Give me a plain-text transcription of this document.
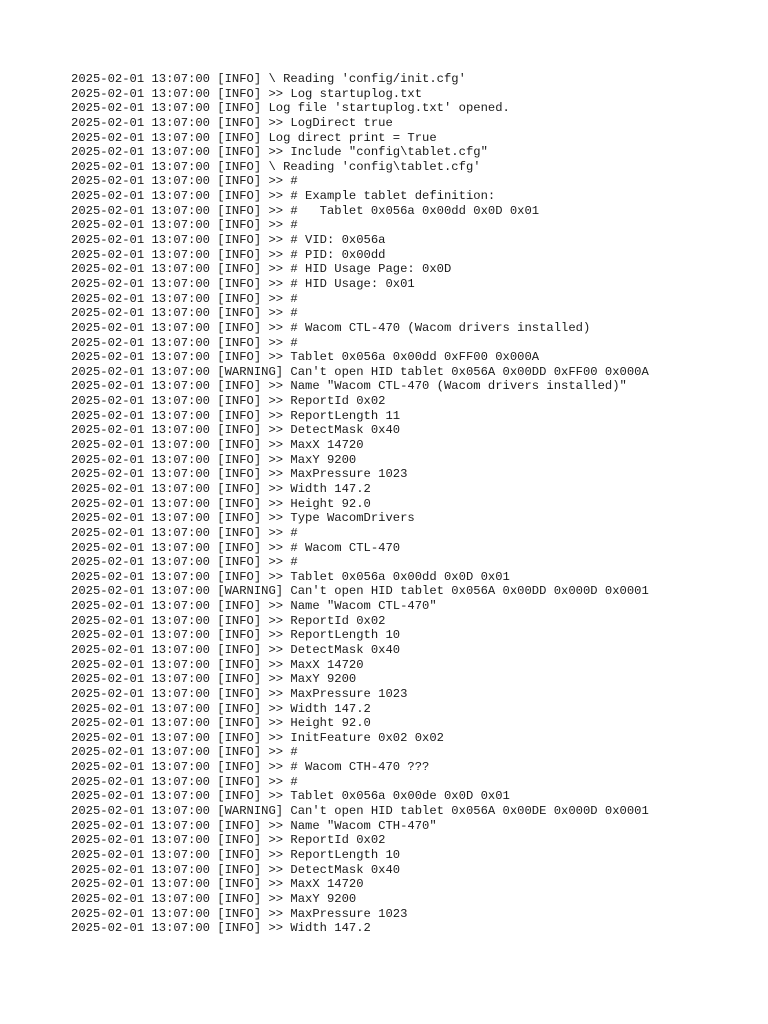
2025-02-01 13:07:00 [INFO] \ Reading 'config/init.cfg'
2025-02-01 13:07:00 [INFO] >> Log startuplog.txt
2025-02-01 13:07:00 [INFO] Log file 'startuplog.txt' opened.
2025-02-01 13:07:00 [INFO] >> LogDirect true
2025-02-01 13:07:00 [INFO] Log direct print = True
2025-02-01 13:07:00 [INFO] >> Include "config\tablet.cfg"
2025-02-01 13:07:00 [INFO] \ Reading 'config\tablet.cfg'
2025-02-01 13:07:00 [INFO] >> #
2025-02-01 13:07:00 [INFO] >> # Example tablet definition:
2025-02-01 13:07:00 [INFO] >> #   Tablet 0x056a 0x00dd 0x0D 0x01
2025-02-01 13:07:00 [INFO] >> #
2025-02-01 13:07:00 [INFO] >> # VID: 0x056a
2025-02-01 13:07:00 [INFO] >> # PID: 0x00dd
2025-02-01 13:07:00 [INFO] >> # HID Usage Page: 0x0D
2025-02-01 13:07:00 [INFO] >> # HID Usage: 0x01
2025-02-01 13:07:00 [INFO] >> #
2025-02-01 13:07:00 [INFO] >> #
2025-02-01 13:07:00 [INFO] >> # Wacom CTL-470 (Wacom drivers installed)
2025-02-01 13:07:00 [INFO] >> #
2025-02-01 13:07:00 [INFO] >> Tablet 0x056a 0x00dd 0xFF00 0x000A
2025-02-01 13:07:00 [WARNING] Can't open HID tablet 0x056A 0x00DD 0xFF00 0x000A
2025-02-01 13:07:00 [INFO] >> Name "Wacom CTL-470 (Wacom drivers installed)"
2025-02-01 13:07:00 [INFO] >> ReportId 0x02
2025-02-01 13:07:00 [INFO] >> ReportLength 11
2025-02-01 13:07:00 [INFO] >> DetectMask 0x40
2025-02-01 13:07:00 [INFO] >> MaxX 14720
2025-02-01 13:07:00 [INFO] >> MaxY 9200
2025-02-01 13:07:00 [INFO] >> MaxPressure 1023
2025-02-01 13:07:00 [INFO] >> Width 147.2
2025-02-01 13:07:00 [INFO] >> Height 92.0
2025-02-01 13:07:00 [INFO] >> Type WacomDrivers
2025-02-01 13:07:00 [INFO] >> #
2025-02-01 13:07:00 [INFO] >> # Wacom CTL-470
2025-02-01 13:07:00 [INFO] >> #
2025-02-01 13:07:00 [INFO] >> Tablet 0x056a 0x00dd 0x0D 0x01
2025-02-01 13:07:00 [WARNING] Can't open HID tablet 0x056A 0x00DD 0x000D 0x0001
2025-02-01 13:07:00 [INFO] >> Name "Wacom CTL-470"
2025-02-01 13:07:00 [INFO] >> ReportId 0x02
2025-02-01 13:07:00 [INFO] >> ReportLength 10
2025-02-01 13:07:00 [INFO] >> DetectMask 0x40
2025-02-01 13:07:00 [INFO] >> MaxX 14720
2025-02-01 13:07:00 [INFO] >> MaxY 9200
2025-02-01 13:07:00 [INFO] >> MaxPressure 1023
2025-02-01 13:07:00 [INFO] >> Width 147.2
2025-02-01 13:07:00 [INFO] >> Height 92.0
2025-02-01 13:07:00 [INFO] >> InitFeature 0x02 0x02
2025-02-01 13:07:00 [INFO] >> #
2025-02-01 13:07:00 [INFO] >> # Wacom CTH-470 ???
2025-02-01 13:07:00 [INFO] >> #
2025-02-01 13:07:00 [INFO] >> Tablet 0x056a 0x00de 0x0D 0x01
2025-02-01 13:07:00 [WARNING] Can't open HID tablet 0x056A 0x00DE 0x000D 0x0001
2025-02-01 13:07:00 [INFO] >> Name "Wacom CTH-470"
2025-02-01 13:07:00 [INFO] >> ReportId 0x02
2025-02-01 13:07:00 [INFO] >> ReportLength 10
2025-02-01 13:07:00 [INFO] >> DetectMask 0x40
2025-02-01 13:07:00 [INFO] >> MaxX 14720
2025-02-01 13:07:00 [INFO] >> MaxY 9200
2025-02-01 13:07:00 [INFO] >> MaxPressure 1023
2025-02-01 13:07:00 [INFO] >> Width 147.2
